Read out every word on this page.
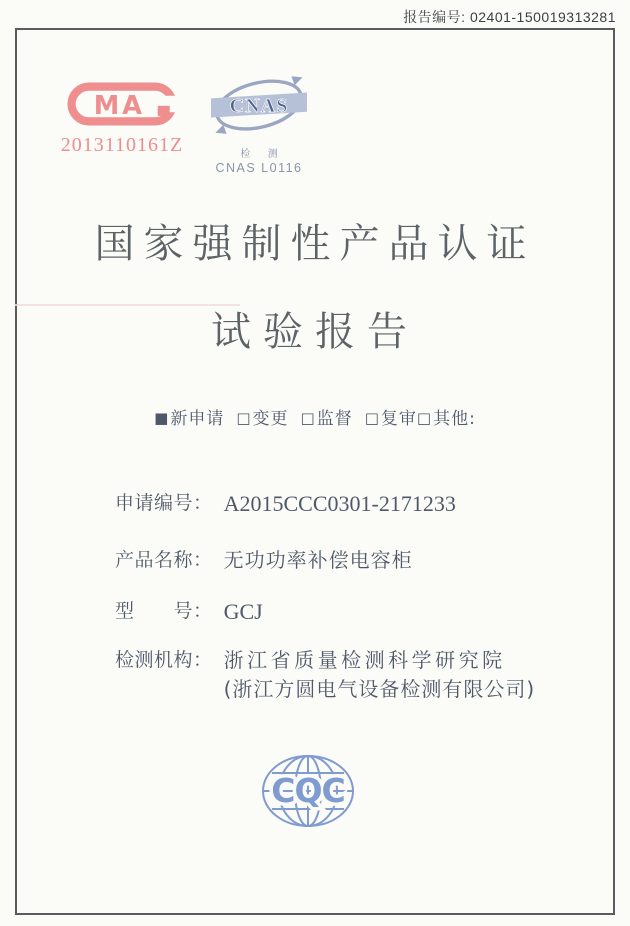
报告编号: 02401-150019313281
MA
2013110161Z
CNAS
检 测
CNAS L0116
国家强制性产品认证
试验报告
■新申请 □变更 □监督 □复审□其他:
申请编号： A2015CCC0301-2171233
产品名称： 无功功率补偿电容柜
型　　号： GCJ
检测机构： 浙江省质量检测科学研究院
(浙江方圆电气设备检测有限公司)
CQC
